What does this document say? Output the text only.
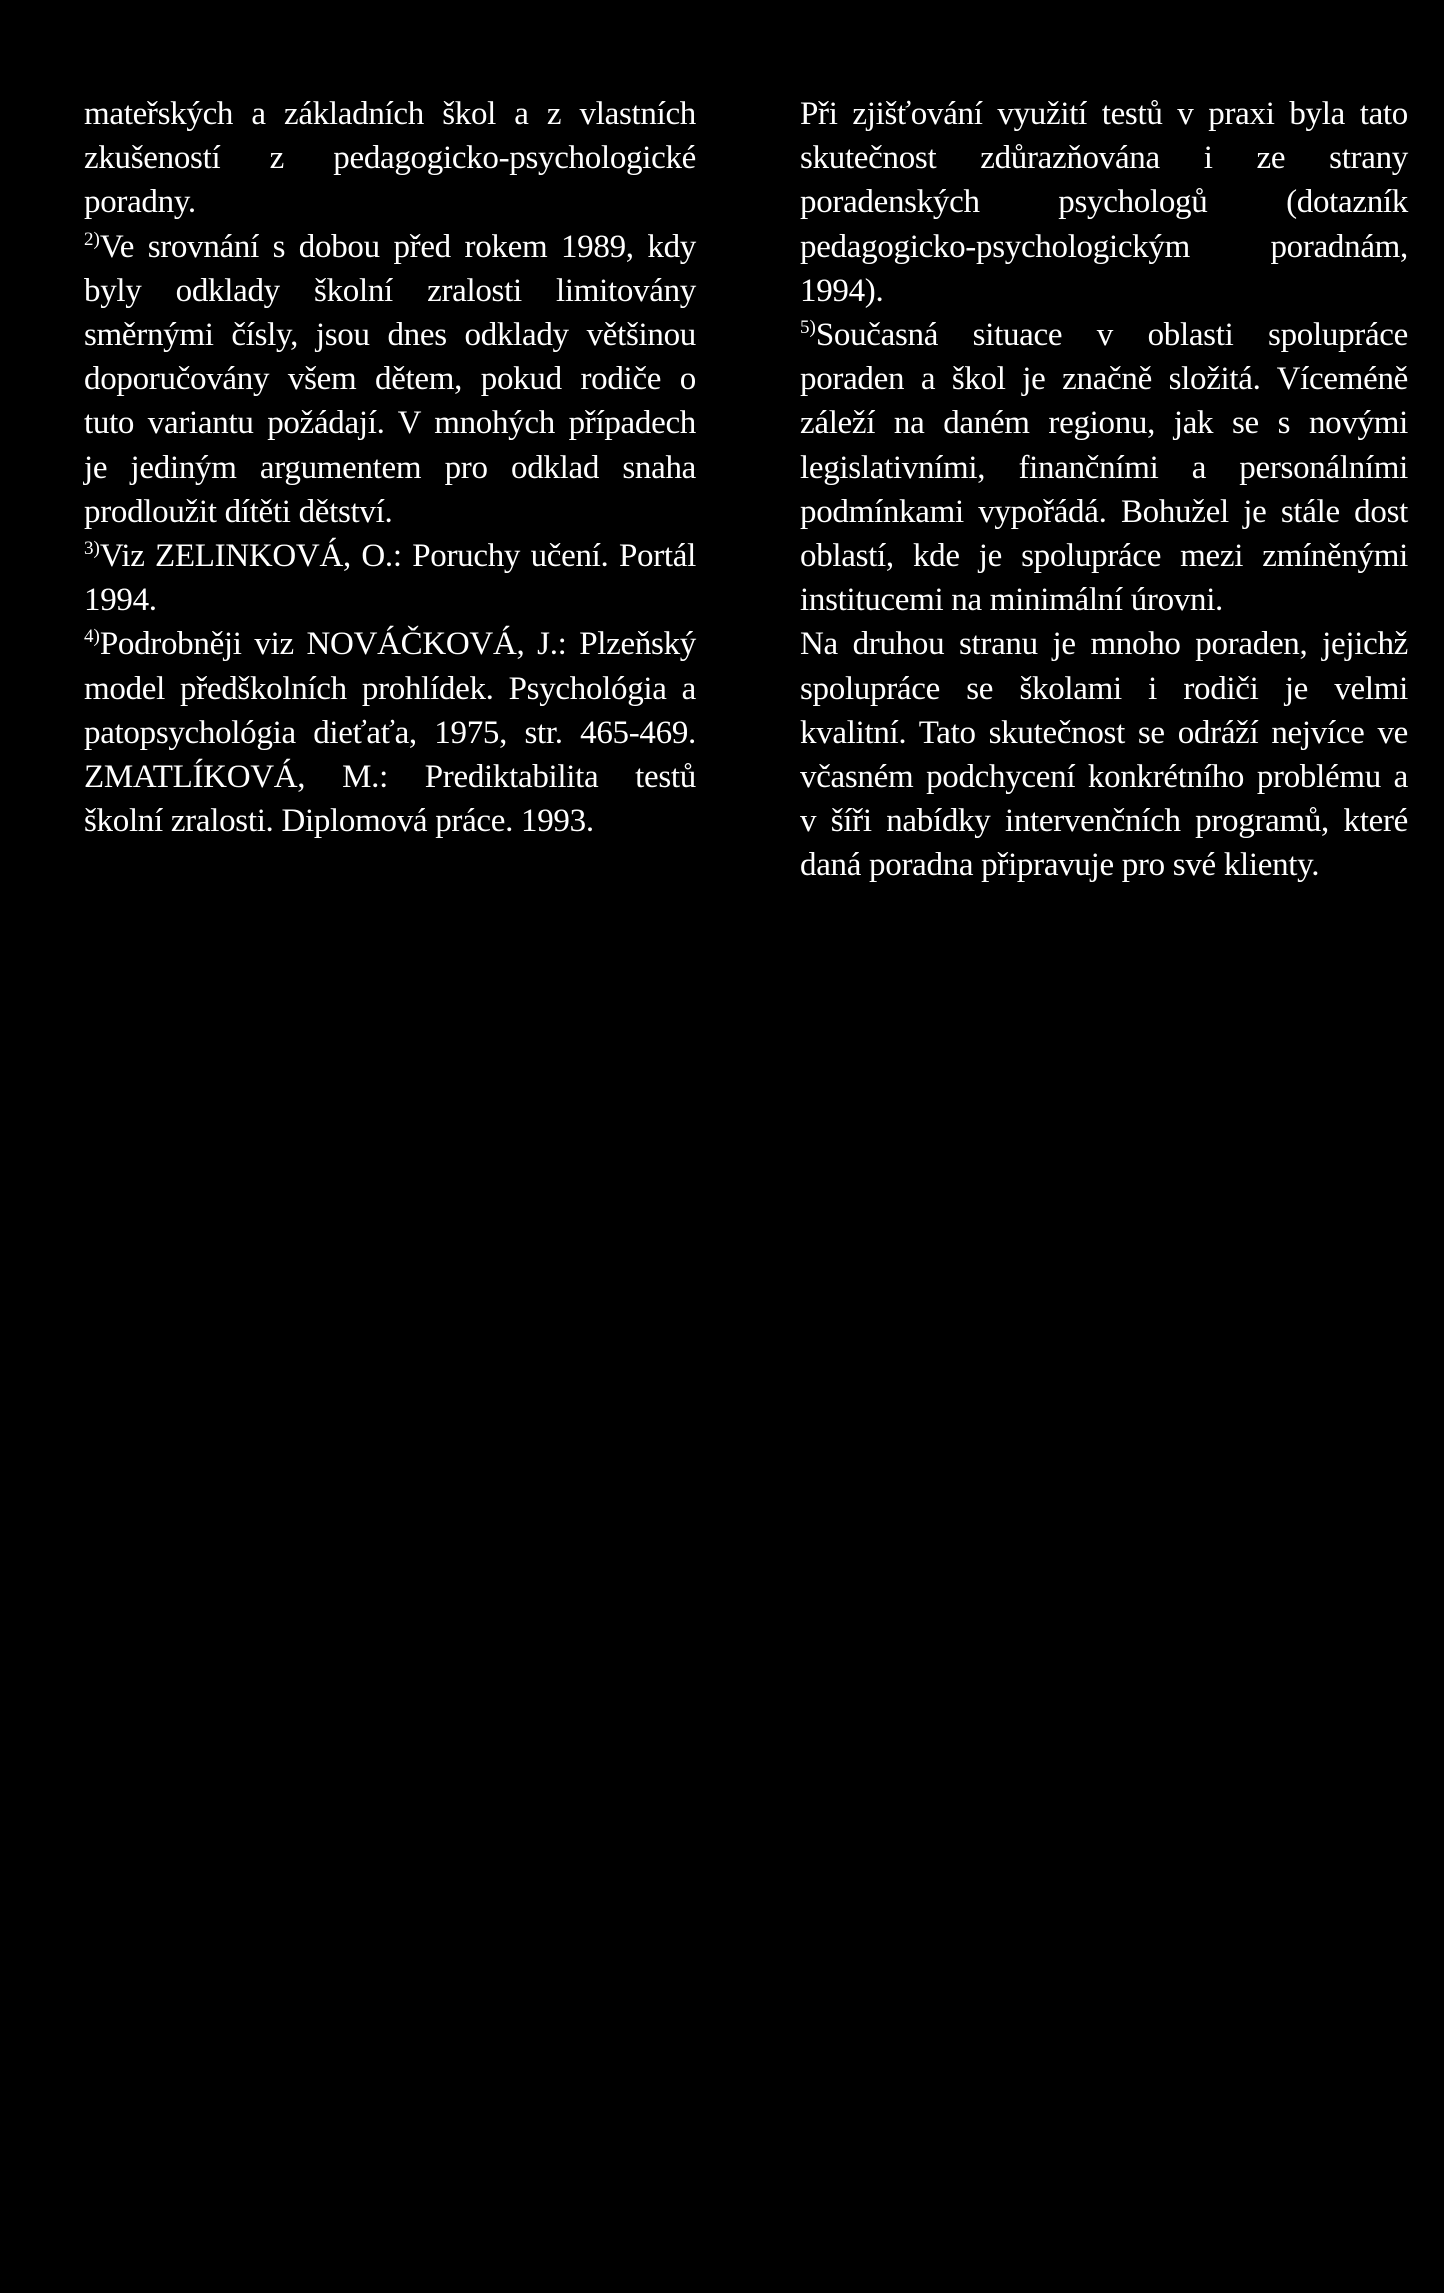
mateřských a základních škol a z vlastních zkušeností z pedagogicko-psychologické poradny.

$^{2)}$Ve srovnání s dobou před rokem 1989, kdy byly odklady školní zralosti limitovány směrnými čísly, jsou dnes odklady většinou doporučovány všem dětem, pokud rodiče o tuto variantu požádají. V mnohých případech je jediným argumentem pro odklad snaha prodloužit dítěti dětství.

$^{3)}$Viz ZELINKOVÁ, O.: Poruchy učení. Portál 1994.

$^{4)}$Podrobněji viz NOVÁČKOVÁ, J.: Plzeňský model předškolních prohlídek. Psychológia a patopsychológia dieťaťa, 1975, str. 465-469. ZMATLÍKOVÁ, M.: Prediktabilita testů školní zralosti. Diplomová práce. 1993.

Při zjišťování využití testů v praxi byla tato skutečnost zdůrazňována i ze strany poradenských psychologů (dotazník pedagogicko-psychologickým poradnám, 1994).

$^{5)}$Současná situace v oblasti spolupráce poraden a škol je značně složitá. Víceméně záleží na daném regionu, jak se s novými legislativními, finančními a personálními podmínkami vypořádá. Bohužel je stále dost oblastí, kde je spolupráce mezi zmíněnými institucemi na minimální úrovni.

Na druhou stranu je mnoho poraden, jejichž spolupráce se školami i rodiči je velmi kvalitní. Tato skutečnost se odráží nejvíce ve včasném podchycení konkrétního problému a v šíři nabídky intervenčních programů, které daná poradna připravuje pro své klienty.
